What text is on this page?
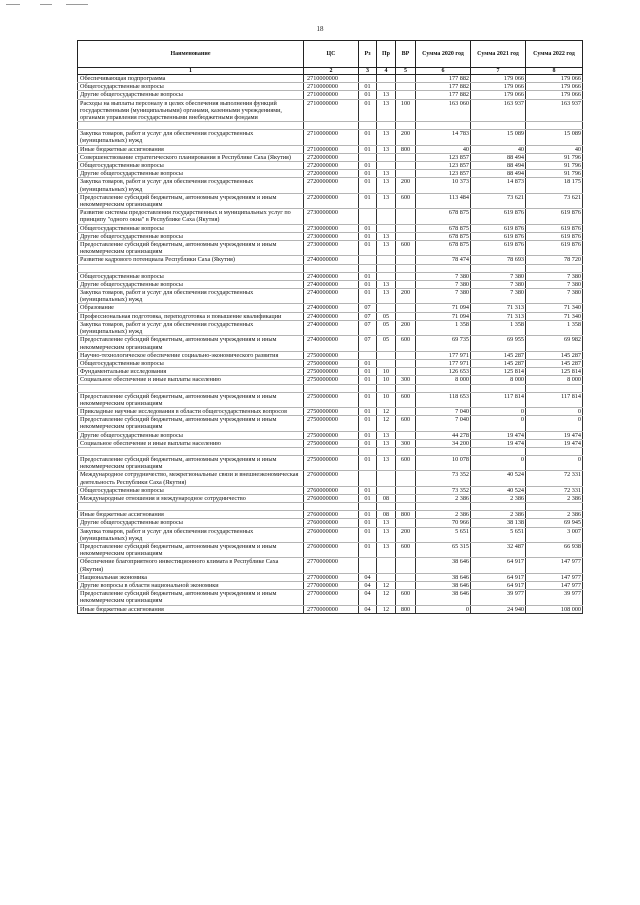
18
Наименование	ЦС	Рз	Пр	ВР	Сумма 2020 год	Сумма 2021 год	Сумма 2022 год
1	2	3	4	5	6	7	8
Обеспечивающая подпрограмма	2710000000				177 882	179 066	179 066
Общегосударственные вопросы	2710000000	01			177 882	179 066	179 066
Другие общегосударственные вопросы	2710000000	01	13		177 882	179 066	179 066
Расходы на выплаты персоналу в целях обеспечения выполнения функций государственными (муниципальными) органами, казенными учреждениями, органами управления государственными внебюджетными фондами	2710000000	01	13	100	163 060	163 937	163 937

Закупка товаров, работ и услуг для обеспечения государственных (муниципальных) нужд	2710000000	01	13	200	14 783	15 089	15 089
Иные бюджетные ассигнования	2710000000	01	13	800	40	40	40
Совершенствование стратегического планирования в Республике Саха (Якутия)	2720000000				123 857	88 494	91 796
Общегосударственные вопросы	2720000000	01			123 857	88 494	91 796
Другие общегосударственные вопросы	2720000000	01	13		123 857	88 494	91 796
Закупка товаров, работ и услуг для обеспечения государственных (муниципальных) нужд	2720000000	01	13	200	10 373	14 873	18 175
Предоставление субсидий бюджетным, автономным учреждениям и иным некоммерческим организациям	2720000000	01	13	600	113 484	73 621	73 621
Развитие системы предоставления государственных и муниципальных услуг по принципу "одного окна" в Республике Саха (Якутия)	2730000000				678 875	619 876	619 876
Общегосударственные вопросы	2730000000	01			678 875	619 876	619 876
Другие общегосударственные вопросы	2730000000	01	13		678 875	619 876	619 876
Предоставление субсидий бюджетным, автономным учреждениям и иным некоммерческим организациям	2730000000	01	13	600	678 875	619 876	619 876
Развитие кадрового потенциала Республики Саха (Якутия)	2740000000				78 474	78 693	78 720

Общегосударственные вопросы	2740000000	01			7 380	7 380	7 380
Другие общегосударственные вопросы	2740000000	01	13		7 380	7 380	7 380
Закупка товаров, работ и услуг для обеспечения государственных (муниципальных) нужд	2740000000	01	13	200	7 380	7 380	7 380
Образование	2740000000	07			71 094	71 313	71 340
Профессиональная подготовка, переподготовка и повышение квалификации	2740000000	07	05		71 094	71 313	71 340
Закупка товаров, работ и услуг для обеспечения государственных (муниципальных) нужд	2740000000	07	05	200	1 358	1 358	1 358
Предоставление субсидий бюджетным, автономным учреждениям и иным некоммерческим организациям	2740000000	07	05	600	69 735	69 955	69 982
Научно-технологическое обеспечение социально-экономического развития	2750000000				177 971	145 287	145 287
Общегосударственные вопросы	2750000000	01			177 971	145 287	145 287
Фундаментальные исследования	2750000000	01	10		126 653	125 814	125 814
Социальное обеспечение и иные выплаты населению	2750000000	01	10	300	8 000	8 000	8 000

Предоставление субсидий бюджетным, автономным учреждениям и иным некоммерческим организациям	2750000000	01	10	600	118 653	117 814	117 814
Прикладные научные исследования в области общегосударственных вопросов	2750000000	01	12		7 040	0	0
Предоставление субсидий бюджетным, автономным учреждениям и иным некоммерческим организациям	2750000000	01	12	600	7 040	0	0
Другие общегосударственные вопросы	2750000000	01	13		44 278	19 474	19 474
Социальное обеспечение и иные выплаты населению	2750000000	01	13	300	34 200	19 474	19 474

Предоставление субсидий бюджетным, автономным учреждениям и иным некоммерческим организациям	2750000000	01	13	600	10 078	0	0
Международное сотрудничество, межрегиональные связи и внешнеэкономическая деятельность Республики Саха (Якутия)	2760000000				73 352	40 524	72 331
Общегосударственные вопросы	2760000000	01			73 352	40 524	72 331
Международные отношения и международное сотрудничество	2760000000	01	08		2 386	2 386	2 386

Иные бюджетные ассигнования	2760000000	01	08	800	2 386	2 386	2 386
Другие общегосударственные вопросы	2760000000	01	13		70 966	38 138	69 945
Закупка товаров, работ и услуг для обеспечения государственных (муниципальных) нужд	2760000000	01	13	200	5 651	5 651	3 007
Предоставление субсидий бюджетным, автономным учреждениям и иным некоммерческим организациям	2760000000	01	13	600	65 315	32 487	66 938
Обеспечение благоприятного инвестиционного климата в Республике Саха (Якутия)	2770000000				38 646	64 917	147 977
Национальная экономика	2770000000	04			38 646	64 917	147 977
Другие вопросы в области национальной экономики	2770000000	04	12		38 646	64 917	147 977
Предоставление субсидий бюджетным, автономным учреждениям и иным некоммерческим организациям	2770000000	04	12	600	38 646	39 977	39 977
Иные бюджетные ассигнования	2770000000	04	12	800	0	24 940	108 000
